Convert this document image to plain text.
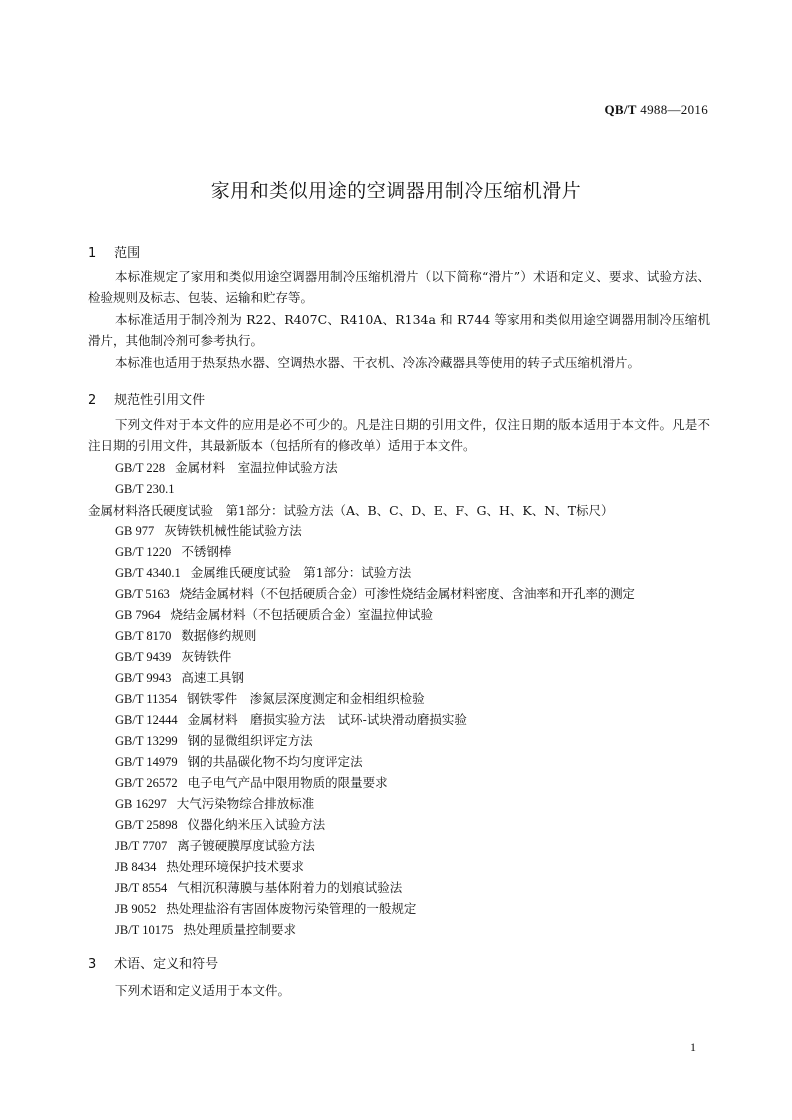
QB/T 4988—2016
家用和类似用途的空调器用制冷压缩机滑片
1 范围
本标准规定了家用和类似用途空调器用制冷压缩机滑片（以下简称“滑片”）术语和定义、要求、试验方法、检验规则及标志、包装、运输和贮存等。
本标准适用于制冷剂为 R22、R407C、R410A、R134a 和 R744 等家用和类似用途空调器用制冷压缩机滑片，其他制冷剂可参考执行。
本标准也适用于热泵热水器、空调热水器、干衣机、冷冻冷藏器具等使用的转子式压缩机滑片。
2 规范性引用文件
下列文件对于本文件的应用是必不可少的。凡是注日期的引用文件，仅注日期的版本适用于本文件。凡是不注日期的引用文件，其最新版本（包括所有的修改单）适用于本文件。
GB/T 228 金属材料　室温拉伸试验方法
GB/T 230.1金属材料洛氏硬度试验　第1部分：试验方法（A、B、C、D、E、F、G、H、K、N、T标尺）
GB 977 灰铸铁机械性能试验方法
GB/T 1220 不锈钢棒
GB/T 4340.1 金属维氏硬度试验　第1部分：试验方法
GB/T 5163 烧结金属材料（不包括硬质合金）可渗性烧结金属材料密度、含油率和开孔率的测定
GB 7964 烧结金属材料（不包括硬质合金）室温拉伸试验
GB/T 8170 数据修约规则
GB/T 9439 灰铸铁件
GB/T 9943 高速工具钢
GB/T 11354 钢铁零件　渗氮层深度测定和金相组织检验
GB/T 12444 金属材料　磨损实验方法　试环-试块滑动磨损实验
GB/T 13299 钢的显微组织评定方法
GB/T 14979 钢的共晶碳化物不均匀度评定法
GB/T 26572 电子电气产品中限用物质的限量要求
GB 16297 大气污染物综合排放标准
GB/T 25898 仪器化纳米压入试验方法
JB/T 7707 离子镀硬膜厚度试验方法
JB 8434 热处理环境保护技术要求
JB/T 8554 气相沉积薄膜与基体附着力的划痕试验法
JB 9052 热处理盐浴有害固体废物污染管理的一般规定
JB/T 10175 热处理质量控制要求
3 术语、定义和符号
下列术语和定义适用于本文件。
1
